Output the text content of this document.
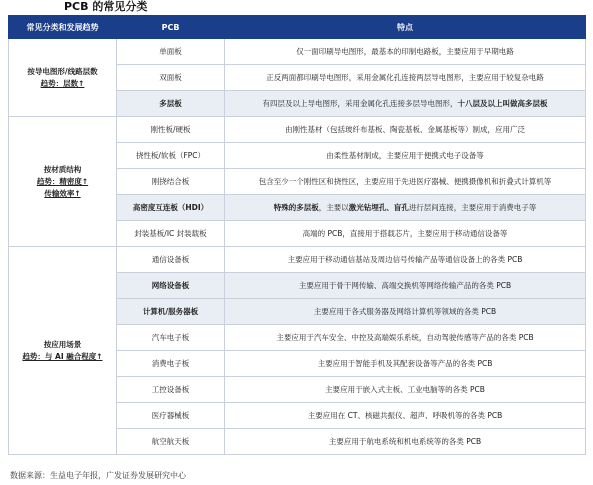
PCB 的常见分类
常见分类和发展趋势	PCB	特点

按导电图形/线路层数
趋势：层数↑	单面板	仅一面印刷导电图形，最基本的印制电路板，主要应用于早期电路
	双面板	正反两面都印刷导电图形，采用金属化孔连接两层导电图形，主要应用于较复杂电路
	多层板	有四层及以上导电图形，采用金属化孔连接多层导电图形，十八层及以上叫做高多层板

按材质结构
趋势：精密度↑
传输效率↑	刚性板/硬板	由刚性基材（包括玻纤布基板、陶瓷基板、金属基板等）制成，应用广泛
	挠性板/软板（FPC）	由柔性基材制成，主要应用于便携式电子设备等
	刚挠结合板	包含至少一个刚性区和挠性区，主要应用于先进医疗器械、便携摄像机和折叠式计算机等
	高密度互连板（HDI）	特殊的多层板，主要以激光钻埋孔、盲孔进行层间连接，主要应用于消费电子等
	封装基板/IC 封装载板	高端的 PCB，直接用于搭载芯片，主要应用于移动通信设备等

按应用场景
趋势：与 AI 融合程度↑	通信设备板	主要应用于移动通信基站及周边信号传输产品等通信设备上的各类 PCB
	网络设备板	主要应用于骨干网传输、高端交换机等网络传输产品的各类 PCB
	计算机/服务器板	主要应用于各式服务器及网络计算机等领域的各类 PCB
	汽车电子板	主要应用于汽车安全、中控及高端娱乐系统，自动驾驶传感等产品的各类 PCB
	消费电子板	主要应用于智能手机及其配套设备等产品的各类 PCB
	工控设备板	主要应用于嵌入式主板、工业电脑等的各类 PCB
	医疗器械板	主要应用在 CT、核磁共振仪、超声、呼吸机等的各类 PCB
	航空航天板	主要应用于航电系统和机电系统等的各类 PCB
数据来源：生益电子年报，广发证券发展研究中心
